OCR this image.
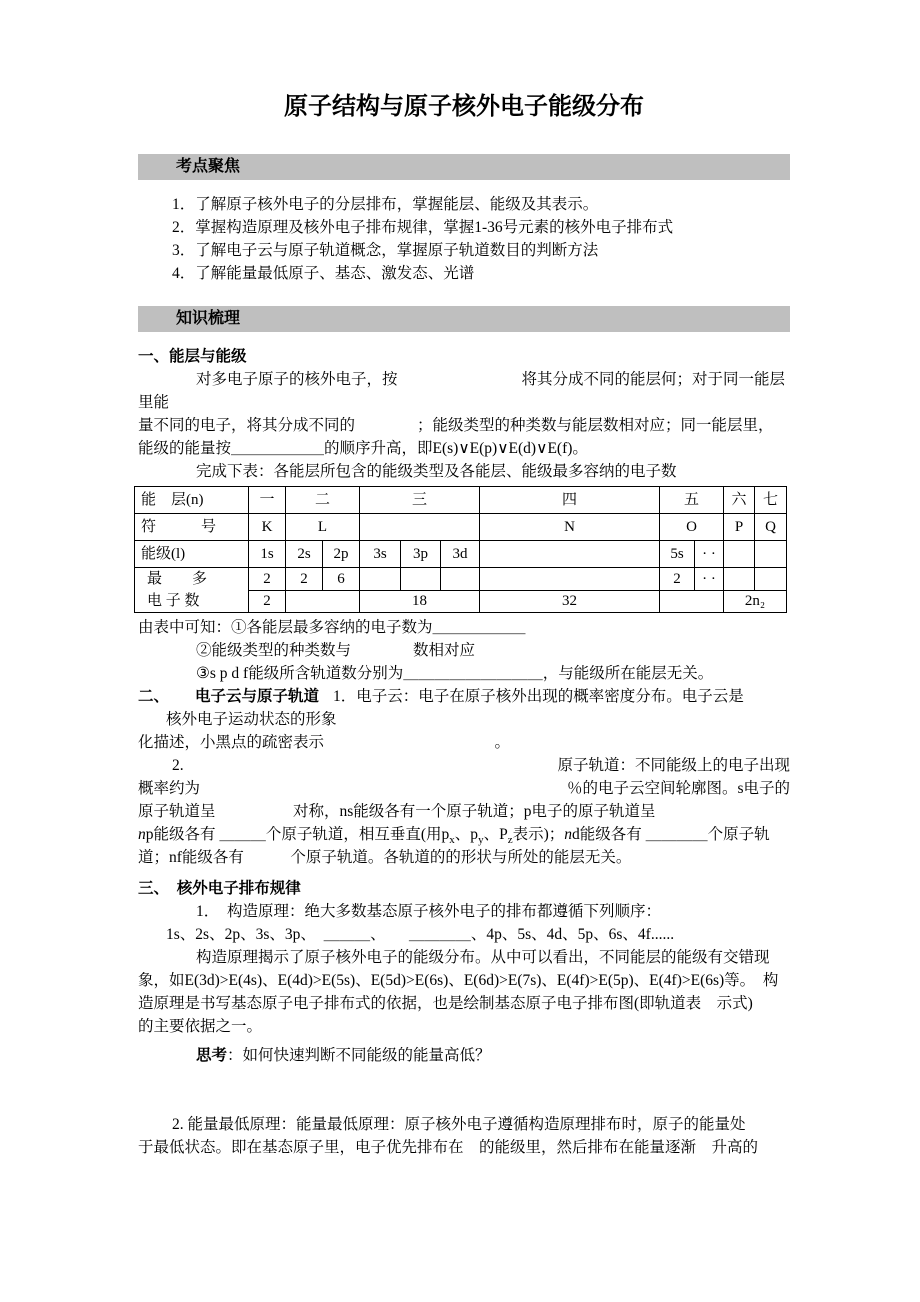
原子结构与原子核外电子能级分布
考点聚焦
1．了解原子核外电子的分层排布，掌握能层、能级及其表示。
2．掌握构造原理及核外电子排布规律，掌握1-36号元素的核外电子排布式
3．了解电子云与原子轨道概念，掌握原子轨道数目的判断方法
4．了解能量最低原子、基态、激发态、光谱
知识梳理
一、能层与能级
对多电子原子的核外电子，按　　　　　　　　将其分成不同的能层何；对于同一能层里能
量不同的电子，将其分成不同的　　　　；能级类型的种类数与能层数相对应；同一能层里，
能级的能量按＿＿＿＿＿＿的顺序升高，即E(s)∨E(p)∨E(d)∨E(f)。
完成下表：各能层所包含的能级类型及各能层、能级最多容纳的电子数
能　层(n)	一	二		三			四	五		六	七
符　　　号	K	L					N	O		P	Q
能级(l)	1s	2s	2p	3s	3p	3d		5s	· ·		

最　　多
电 子 数	2	2	6					2	· ·		
	2			18			32			2n₂	
由表中可知：①各能层最多容纳的电子数为＿＿＿＿＿＿
②能级类型的种类数与　　　　数相对应
③s p d f能级所含轨道数分别为＿＿＿＿＿＿＿＿＿，与能级所在能层无关。
二、 电子云与原子轨道 1．电子云：电子在原子核外出现的概率密度分布。电子云是
核外电子运动状态的形象
化描述，小黑点的疏密表示　　　　　　　　　　　。
2.	原子轨道：不同能级上的电子出现
概率约为	％的电子云空间轮廓图。s电子的
原子轨道呈　　　　　对称，ns能级各有一个原子轨道；p电子的原子轨道呈
np能级各有 ＿＿＿个原子轨道，相互垂直(用$p_x$、$p_y$、$P_z$表示)；nd能级各有 ＿＿＿＿个原子轨
道；nf能级各有　　　个原子轨道。各轨道的的形状与所处的能层无关。
三、　核外电子排布规律
1．　构造原理：绝大多数基态原子核外电子的排布都遵循下列顺序：
1s、2s、2p、3s、3p、　＿＿＿、　　＿＿＿＿、4p、5s、4d、5p、6s、4f......
构造原理揭示了原子核外电子的能级分布。从中可以看出，不同能层的能级有交错现
象，如E(3d)>E(4s)、E(4d)>E(5s)、E(5d)>E(6s)、E(6d)>E(7s)、E(4f)>E(5p)、E(4f)>E(6s)等。　构
造原理是书写基态原子电子排布式的依据，也是绘制基态原子电子排布图(即轨道表　示式)
的主要依据之一。
思考：如何快速判断不同能级的能量高低？
2. 能量最低原理：能量最低原理：原子核外电子遵循构造原理排布时，原子的能量处
于最低状态。即在基态原子里，电子优先排布在　的能级里，然后排布在能量逐渐　升高的
